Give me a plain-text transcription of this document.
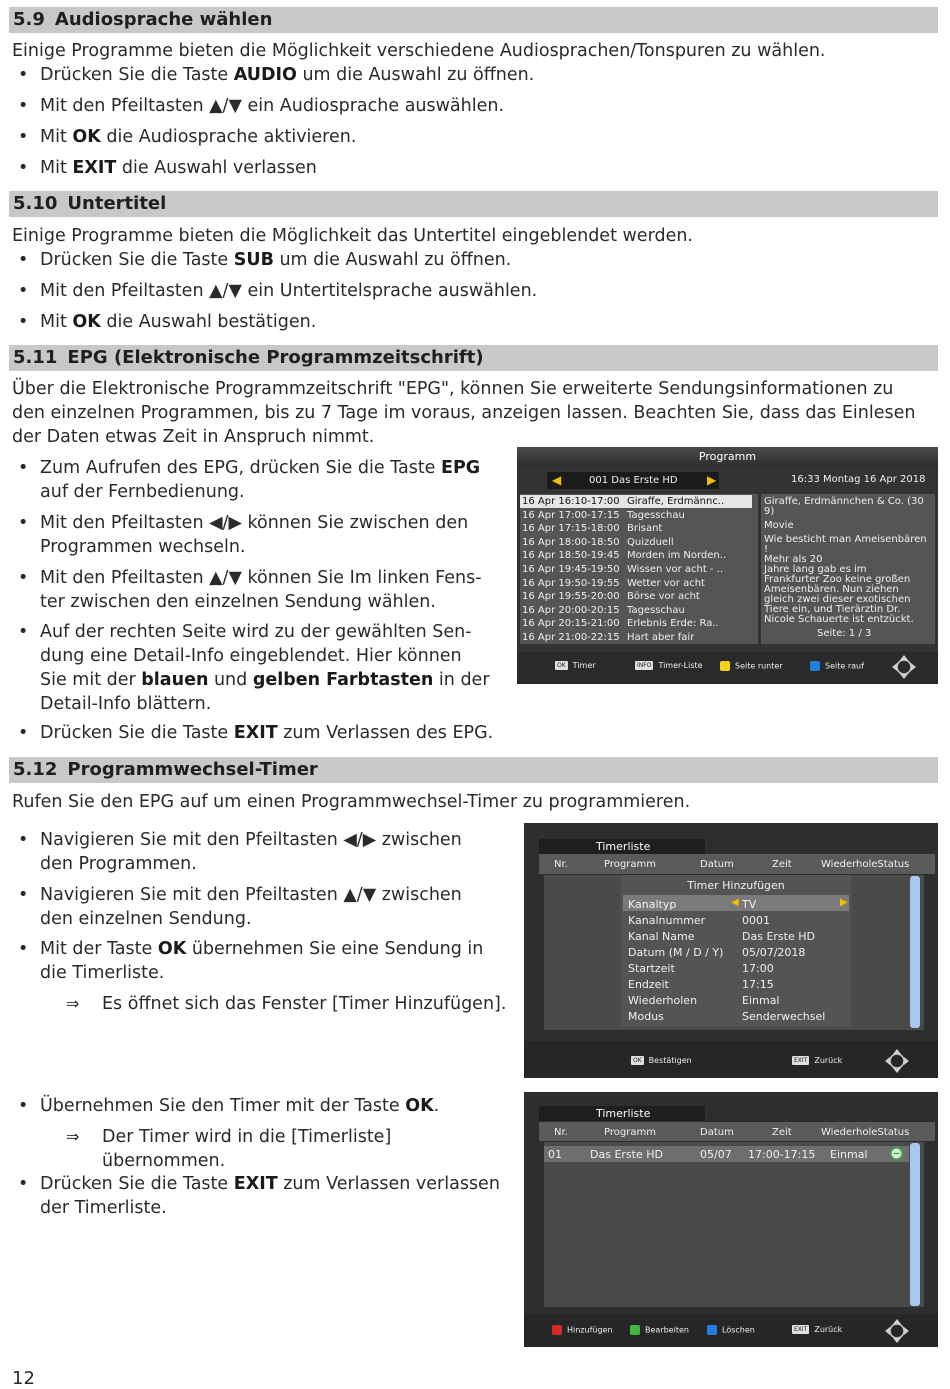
5.9 Audiosprache wählen
Einige Programme bieten die Möglichkeit verschiedene Audiosprachen/Tonspuren zu wählen.
• Drücken Sie die Taste AUDIO um die Auswahl zu öffnen.
• Mit den Pfeiltasten ▲/▼ ein Audiosprache auswählen.
• Mit OK die Audiosprache aktivieren.
• Mit EXIT die Auswahl verlassen
5.10 Untertitel
Einige Programme bieten die Möglichkeit das Untertitel eingeblendet werden.
• Drücken Sie die Taste SUB um die Auswahl zu öffnen.
• Mit den Pfeiltasten ▲/▼ ein Untertitelsprache auswählen.
• Mit OK die Auswahl bestätigen.
5.11 EPG (Elektronische Programmzeitschrift)
Über die Elektronische Programmzeitschrift "EPG", können Sie erweiterte Sendungsinformationen zu
den einzelnen Programmen, bis zu 7 Tage im voraus, anzeigen lassen. Beachten Sie, dass das Einlesen
der Daten etwas Zeit in Anspruch nimmt.
• Zum Aufrufen des EPG, drücken Sie die Taste EPG
auf der Fernbedienung.
• Mit den Pfeiltasten ◀/▶ können Sie zwischen den
Programmen wechseln.
• Mit den Pfeiltasten ▲/▼ können Sie Im linken Fens-
ter zwischen den einzelnen Sendung wählen.
• Auf der rechten Seite wird zu der gewählten Sen-
dung eine Detail-Info eingeblendet. Hier können
Sie mit der blauen und gelben Farbtasten in der
Detail-Info blättern.
• Drücken Sie die Taste EXIT zum Verlassen des EPG.
Programm
◀	▶
001 Das Erste HD	16:33 Montag 16 Apr 2018
16 Apr 16:10-17:00 Giraffe, Erdmännc..
16 Apr 17:00-17:15 Tagesschau
16 Apr 17:15-18:00 Brisant
16 Apr 18:00-18:50 Quizduell
16 Apr 18:50-19:45 Morden im Norden..
16 Apr 19:45-19:50 Wissen vor acht - ..
16 Apr 19:50-19:55 Wetter vor acht
16 Apr 19:55-20:00 Börse vor acht
16 Apr 20:00-20:15 Tagesschau
16 Apr 20:15-21:00 Erlebnis Erde: Ra..
16 Apr 21:00-22:15 Hart aber fair
Giraffe, Erdmännchen & Co. (30
9)
Movie
Wie besticht man Ameisenbären
!
Mehr als 20
Jahre lang gab es im
Frankfurter Zoo keine großen
Ameisenbären. Nun ziehen
gleich zwei dieser exotischen
Tiere ein, und Tierärztin Dr.
Nicole Schauerte ist entzückt.
Seite: 1 / 3
OK Timer	INFO Timer-Liste	Seite runter	Seite rauf
5.12 Programmwechsel-Timer
Rufen Sie den EPG auf um einen Programmwechsel-Timer zu programmieren.
• Navigieren Sie mit den Pfeiltasten ◀/▶ zwischen
den Programmen.
• Navigieren Sie mit den Pfeiltasten ▲/▼ zwischen
den einzelnen Sendung.
• Mit der Taste OK übernehmen Sie eine Sendung in
die Timerliste.
⇒ Es öffnet sich das Fenster [Timer Hinzufügen].
• Übernehmen Sie den Timer mit der Taste OK.
⇒ Der Timer wird in die [Timerliste]
übernommen.
• Drücken Sie die Taste EXIT zum Verlassen verlassen
der Timerliste.
Timerliste
Nr.	Programm	Datum	Zeit	WiederholeStatus
Timer Hinzufügen
◀	▶
Kanaltyp	TV
Kanalnummer	0001
Kanal Name	Das Erste HD
Datum (M / D / Y) 05/07/2018
Startzeit	17:00
Endzeit	17:15
Wiederholen	Einmal
Modus	Senderwechsel
OK Bestätigen	EXIT Zurück
Timerliste
Nr.	Programm	Datum	Zeit	WiederholeStatus
01	Das Erste HD	05/07 17:00-17:15 Einmal
Hinzufügen	Bearbeiten	Löschen	EXIT Zurück
12
